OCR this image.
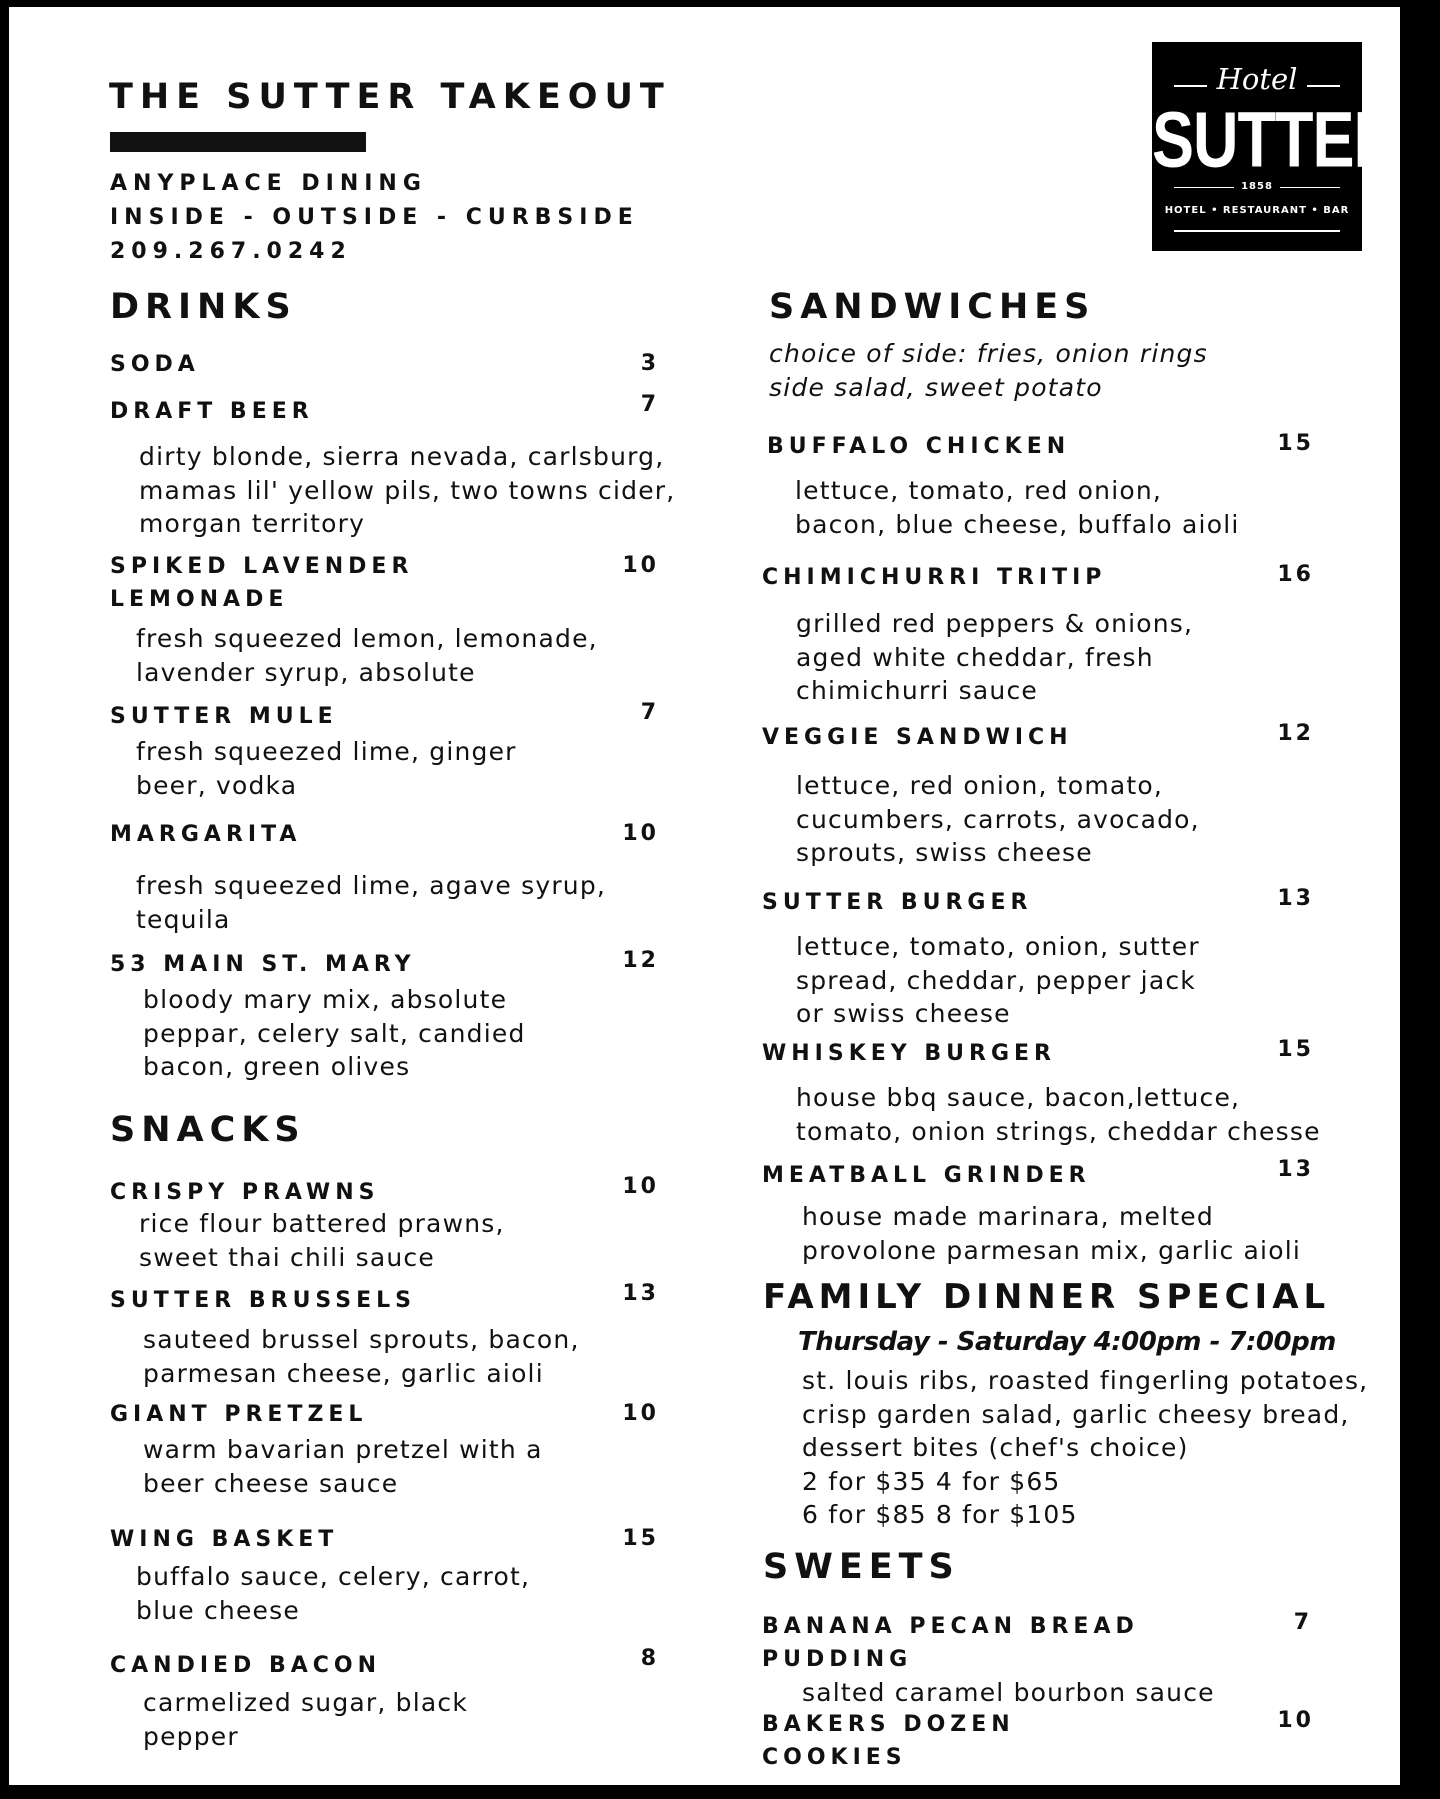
THE SUTTER TAKEOUT
ANYPLACE DINING
INSIDE - OUTSIDE - CURBSIDE
209.267.0242
Hotel
SUTTER
1858
HOTEL • RESTAURANT • BAR
DRINKS
SODA	3
DRAFT BEER	7
dirty blonde, sierra nevada, carlsburg,
mamas lil' yellow pils, two towns cider,
morgan territory
SPIKED LAVENDER
LEMONADE
10
fresh squeezed lemon, lemonade,
lavender syrup, absolute
SUTTER MULE	7
fresh squeezed lime, ginger
beer, vodka
MARGARITA	10
fresh squeezed lime, agave syrup,
tequila
53 MAIN ST. MARY	12
bloody mary mix, absolute
peppar, celery salt, candied
bacon, green olives
SNACKS
CRISPY PRAWNS	10
rice flour battered prawns,
sweet thai chili sauce
SUTTER BRUSSELS	13
sauteed brussel sprouts, bacon,
parmesan cheese, garlic aioli
GIANT PRETZEL	10
warm bavarian pretzel with a
beer cheese sauce
WING BASKET	15
buffalo sauce, celery, carrot,
blue cheese
CANDIED BACON	8
carmelized sugar, black
pepper
SANDWICHES
choice of side: fries, onion rings
side salad, sweet potato
BUFFALO CHICKEN	15
lettuce, tomato, red onion,
bacon, blue cheese, buffalo aioli
CHIMICHURRI TRITIP	16
grilled red peppers & onions,
aged white cheddar, fresh
chimichurri sauce
VEGGIE SANDWICH	12
lettuce, red onion, tomato,
cucumbers, carrots, avocado,
sprouts, swiss cheese
SUTTER BURGER	13
lettuce, tomato, onion, sutter
spread, cheddar, pepper jack
or swiss cheese
WHISKEY BURGER	15
house bbq sauce, bacon,lettuce,
tomato, onion strings, cheddar chesse
MEATBALL GRINDER	13
house made marinara, melted
provolone parmesan mix, garlic aioli
FAMILY DINNER SPECIAL
Thursday - Saturday 4:00pm - 7:00pm
st. louis ribs, roasted fingerling potatoes,
crisp garden salad, garlic cheesy bread,
dessert bites (chef's choice)
2 for $35 4 for $65
6 for $85 8 for $105
SWEETS
BANANA PECAN BREAD
PUDDING
7
salted caramel bourbon sauce
BAKERS DOZEN
COOKIES
10
